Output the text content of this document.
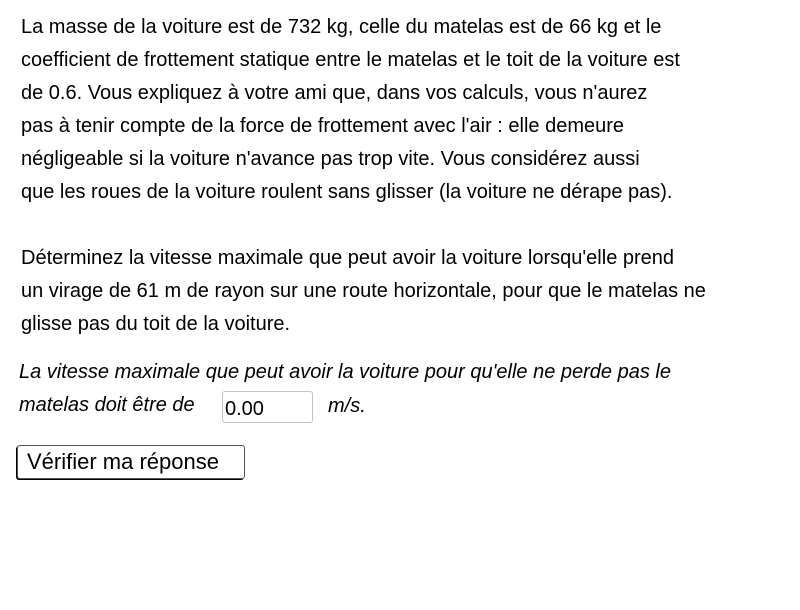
La masse de la voiture est de 732 kg, celle du matelas est de 66 kg et le
coefficient de frottement statique entre le matelas et le toit de la voiture est
de 0.6. Vous expliquez à votre ami que, dans vos calculs, vous n'aurez
pas à tenir compte de la force de frottement avec l'air : elle demeure
négligeable si la voiture n'avance pas trop vite. Vous considérez aussi
que les roues de la voiture roulent sans glisser (la voiture ne dérape pas).
Déterminez la vitesse maximale que peut avoir la voiture lorsqu'elle prend
un virage de 61 m de rayon sur une route horizontale, pour que le matelas ne
glisse pas du toit de la voiture.
La vitesse maximale que peut avoir la voiture pour qu'elle ne perde pas le
matelas doit être de
0.00	m/s.
Vérifier ma réponse
